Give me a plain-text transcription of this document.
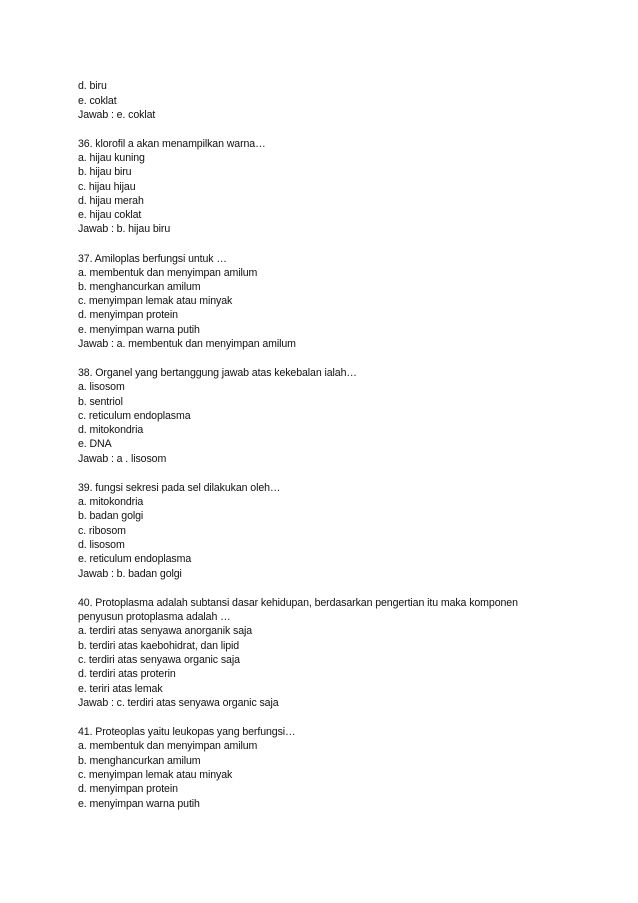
d. biru
e. coklat
Jawab : e. coklat
36. klorofil a akan menampilkan warna…
a. hijau kuning
b. hijau biru
c. hijau hijau
d. hijau merah
e. hijau coklat
Jawab : b. hijau biru
37. Amiloplas berfungsi untuk …
a. membentuk dan menyimpan amilum
b. menghancurkan amilum
c. menyimpan lemak atau minyak
d. menyimpan protein
e. menyimpan warna putih
Jawab : a. membentuk dan menyimpan amilum
38. Organel yang bertanggung jawab atas kekebalan ialah…
a. lisosom
b. sentriol
c. reticulum endoplasma
d. mitokondria
e. DNA
Jawab : a . lisosom
39. fungsi sekresi pada sel dilakukan oleh…
a. mitokondria
b. badan golgi
c. ribosom
d. lisosom
e. reticulum endoplasma
Jawab : b. badan golgi
40. Protoplasma adalah subtansi dasar kehidupan, berdasarkan pengertian itu maka komponen
penyusun protoplasma adalah …
a. terdiri atas senyawa anorganik saja
b. terdiri atas kaebohidrat, dan lipid
c. terdiri atas senyawa organic saja
d. terdiri atas proterin
e. teriri atas lemak
Jawab : c. terdiri atas senyawa organic saja
41. Proteoplas yaitu leukopas yang berfungsi…
a. membentuk dan menyimpan amilum
b. menghancurkan amilum
c. menyimpan lemak atau minyak
d. menyimpan protein
e. menyimpan warna putih
